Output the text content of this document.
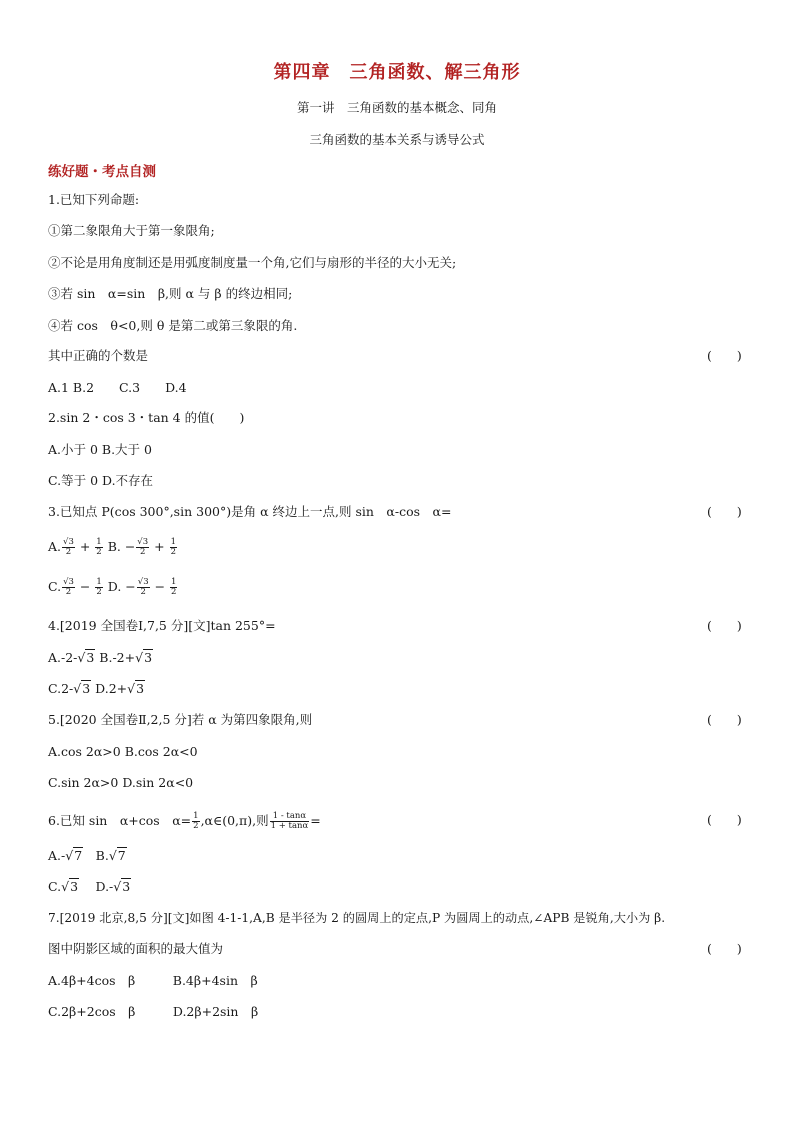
第四章　三角函数、解三角形
第一讲　三角函数的基本概念、同角
三角函数的基本关系与诱导公式
练好题・考点自测
1.已知下列命题:
①第二象限角大于第一象限角;
②不论是用角度制还是用弧度制度量一个角,它们与扇形的半径的大小无关;
③若 sin　α=sin　β,则 α 与 β 的终边相同;
④若 cos　θ<0,则 θ 是第二或第三象限的角.
其中正确的个数是	(　　)
A.1 B.2　　C.3　　D.4
2.sin 2・cos 3・tan 4 的值(　　)
A.小于 0 B.大于 0
C.等于 0 D.不存在
3.已知点 P(cos 300°,sin 300°)是角 α 终边上一点,则 sin　α-cos　α=	(　　)
A. $\frac{√3}{2} + \frac{1}{2} B$. − $\frac{√3}{2} + \frac{1}{2}$
C. $\frac{√3}{2} - \frac{1}{2} D$. − $\frac{√3}{2} - \frac{1}{2}$
4.[2019 全国卷Ⅰ,7,5 分][文]tan 255°=	(　　)
A.-2-√3 B.-2+√3
C.2-√3 D.2+√3
5.[2020 全国卷Ⅱ,2,5 分]若 α 为第四象限角,则	(　　)
A.cos 2α>0 B.cos 2α<0
C.sin 2α>0 D.sin 2α<0
6.已知 sin　α+cos　$\alpha= \frac{1}{2}$ ,α∈(0,π),则 $\frac{1 - \tan\alpha}{1 + \tan\alpha}$ =	(　　)
A.-√7　B.√7
C.√3　 D.-√3
7.[2019 北京,8,5 分][文]如图 4-1-1,A,B 是半径为 2 的圆周上的定点,P 为圆周上的动点,∠APB 是锐角,大小为 β.
图中阴影区域的面积的最大值为	(　　)
A.4β+4cos　β　　　B.4β+4sin　β
C.2β+2cos　β　　　D.2β+2sin　β
